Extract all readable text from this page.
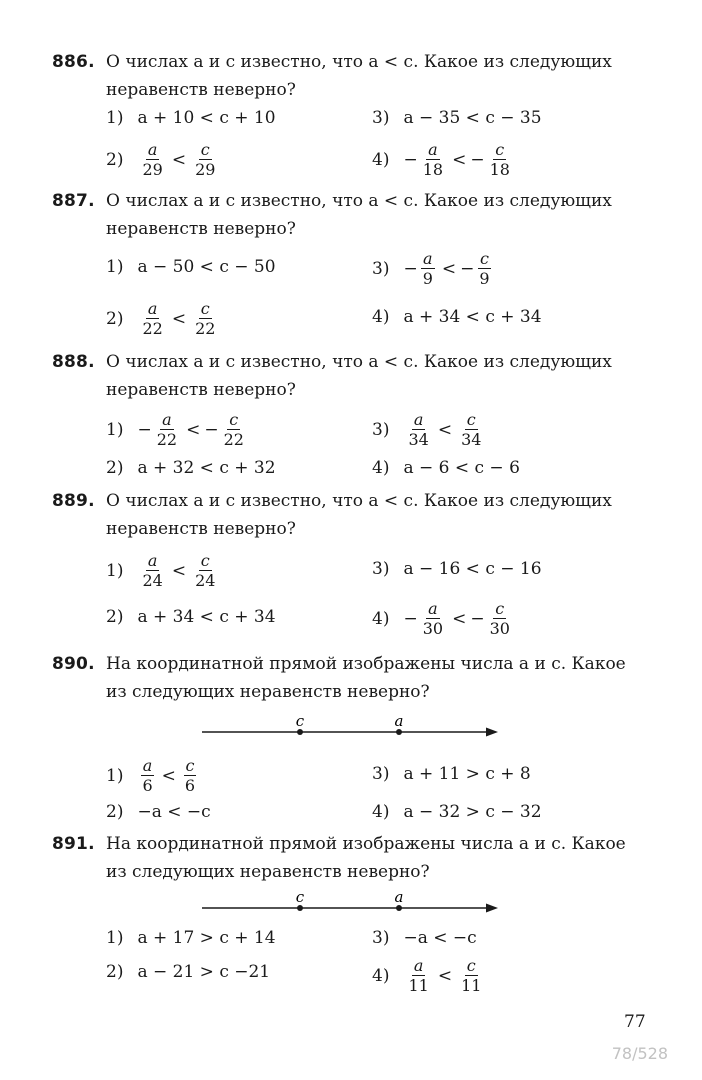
886. О числах a и c известно, что a < c. Какое из следующих
неравенств неверно?
1) a + 10 < c + 10
$2) \frac{a}{29} < \frac{c}{29}$
3) a − 35 < c − 35
$4) - \frac{a}{18}$ < − $\frac{c}{18}$
887. О числах a и c известно, что a < c. Какое из следующих
неравенств неверно?
1) a − 50 < c − 50
$2) \frac{a}{22} < \frac{c}{22}$
$3) - \frac{a}{9}$ < − $\frac{c}{9}$
4) a + 34 < c + 34
888. О числах a и c известно, что a < c. Какое из следующих
неравенств неверно?
$1) - \frac{a}{22}$ < − $\frac{c}{22}$
2) a + 32 < c + 32
$3) \frac{a}{34} < \frac{c}{34}$
4) a − 6 < c − 6
889. О числах a и c известно, что a < c. Какое из следующих
неравенств неверно?
$1) \frac{a}{24} < \frac{c}{24}$
2) a + 34 < c + 34
3) a − 16 < c − 16
$4) - \frac{a}{30}$ < − $\frac{c}{30}$
890. На координатной прямой изображены числа a и c. Какое
из следующих неравенств неверно?
c	a
$1) \frac{a}{6} < \frac{c}{6}$
2) −a < −c
3) a + 11 > c + 8
4) a − 32 > c − 32
891. На координатной прямой изображены числа a и c. Какое
из следующих неравенств неверно?
c	a
1) a + 17 > c + 14
2) a − 21 > c −21
3) −a < −c
$4) \frac{a}{11} < \frac{c}{11}$
77
78/528
